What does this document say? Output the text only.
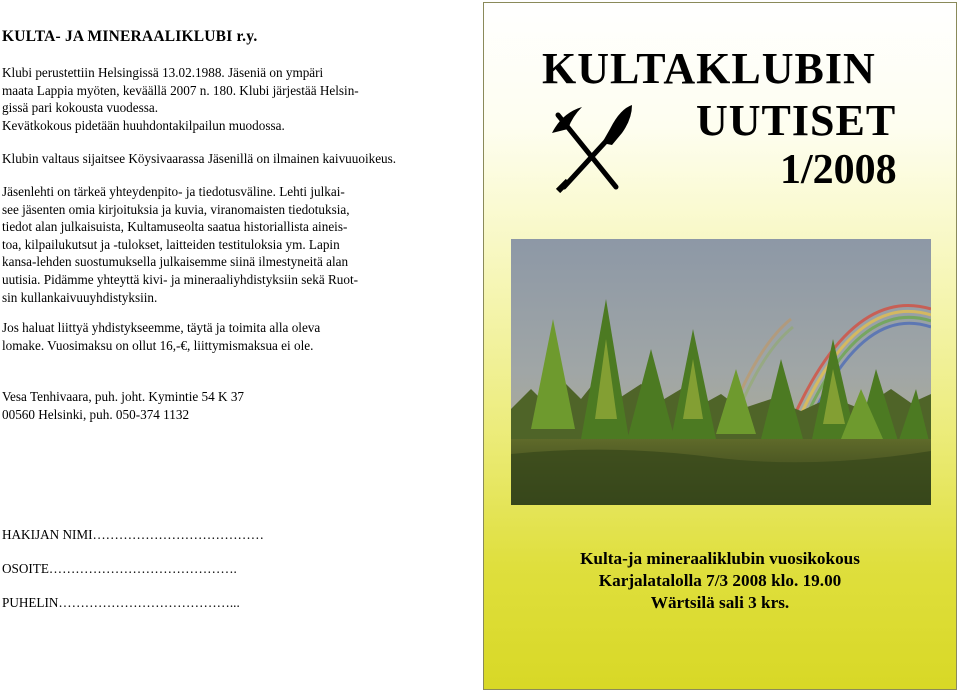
KULTA- JA MINERAALIKLUBI r.y.
Klubi perustettiin Helsingissä 13.02.1988. Jäseniä on ympäri
maata Lappia myöten, keväällä 2007 n. 180. Klubi järjestää Helsin-
gissä pari kokousta vuodessa.
Kevätkokous pidetään huuhdontakilpailun muodossa.
Klubin valtaus sijaitsee Köysivaarassa Jäsenillä on ilmainen kaivuuoikeus.
Jäsenlehti on tärkeä yhteydenpito- ja tiedotusväline. Lehti julkai-
see jäsenten omia kirjoituksia ja kuvia, viranomaisten tiedotuksia,
tiedot alan julkaisuista, Kultamuseolta saatua historiallista aineis-
toa, kilpailukutsut ja -tulokset, laitteiden testituloksia ym. Lapin
kansa-lehden suostumuksella julkaisemme siinä ilmestyneitä alan
uutisia. Pidämme yhteyttä kivi- ja mineraaliyhdistyksiin sekä Ruot-
sin kullankaivuuyhdistyksiin.
Jos haluat liittyä yhdistykseemme, täytä ja toimita alla oleva
lomake. Vuosimaksu on ollut 16,-€, liittymismaksua ei ole.
Vesa Tenhivaara, puh. joht. Kymintie 54 K 37
00560 Helsinki, puh. 050-374 1132
HAKIJAN NIMI…………………………………
OSOITE…………………………………….
PUHELIN…………………………………...
KULTAKLUBIN
UUTISET
1/2008
Kulta-ja mineraaliklubin vuosikokous
Karjalatalolla 7/3 2008 klo. 19.00
Wärtsilä sali 3 krs.
